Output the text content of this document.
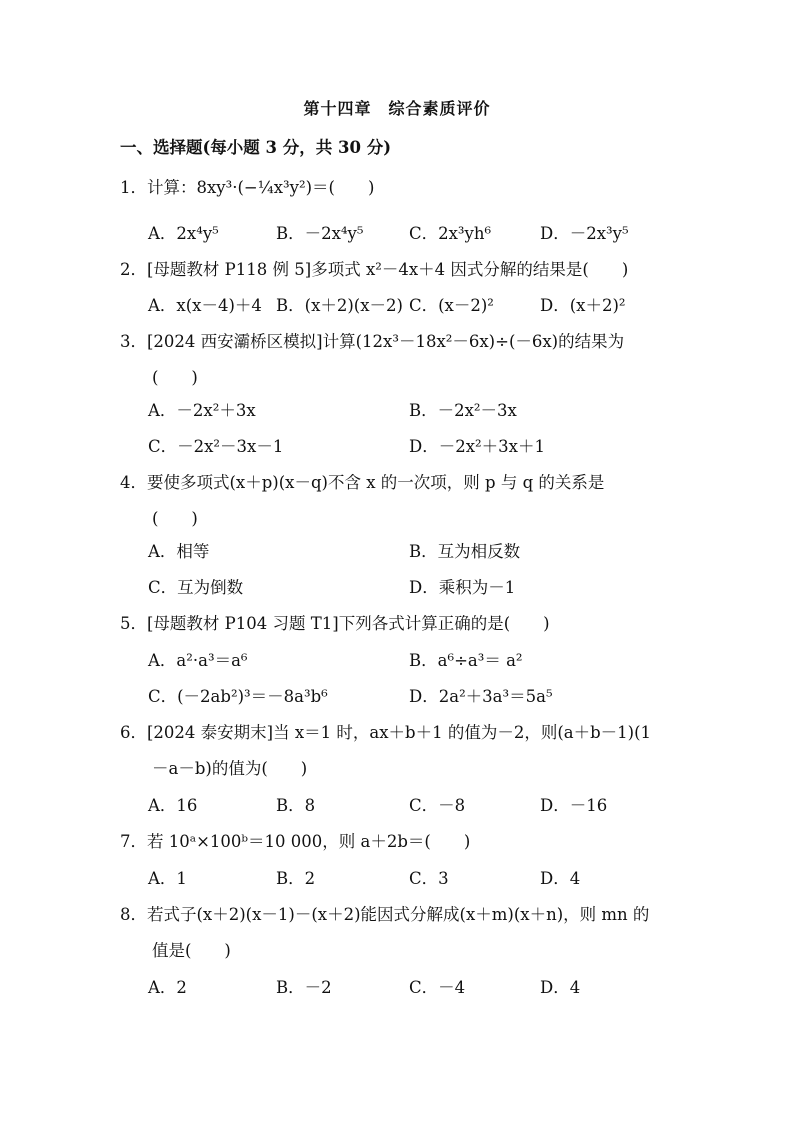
第十四章　综合素质评价
一、选择题(每小题 3 分，共 30 分)
1．计算：8xy³·(−¼x³y²)＝(　　)
A．2x⁴y⁵	B．－2x⁴y⁵	C．2x³yh⁶	D．－2x³y⁵
2．[母题教材 P118 例 5]多项式 x²－4x＋4 因式分解的结果是(　　)
A．x(x－4)＋4 B．(x＋2)(x－2) C．(x－2)²	D．(x＋2)²
3．[2024 西安灞桥区模拟]计算(12x³－18x²－6x)÷(－6x)的结果为
(　　)
A．－2x²＋3x	B．－2x²－3x
C．－2x²－3x－1	D．－2x²＋3x＋1
4．要使多项式(x＋p)(x－q)不含 x 的一次项，则 p 与 q 的关系是
(　　)
A．相等	B．互为相反数
C．互为倒数	D．乘积为－1
5．[母题教材 P104 习题 T1]下列各式计算正确的是(　　)
A．a²·a³＝a⁶	B．a⁶÷a³＝ a²
C．(－2ab²)³＝－8a³b⁶	D．2a²＋3a³＝5a⁵
6．[2024 泰安期末]当 x＝1 时，ax＋b＋1 的值为－2，则(a＋b－1)(1
－a－b)的值为(　　)
A．16	B．8	C．－8	D．－16
7．若 10ᵃ×100ᵇ＝10 000，则 a＋2b＝(　　)
A．1	B．2	C．3	D．4
8．若式子(x＋2)(x－1)－(x＋2)能因式分解成(x＋m)(x＋n)，则 mn 的
值是(　　)
A．2	B．－2	C．－4	D．4
